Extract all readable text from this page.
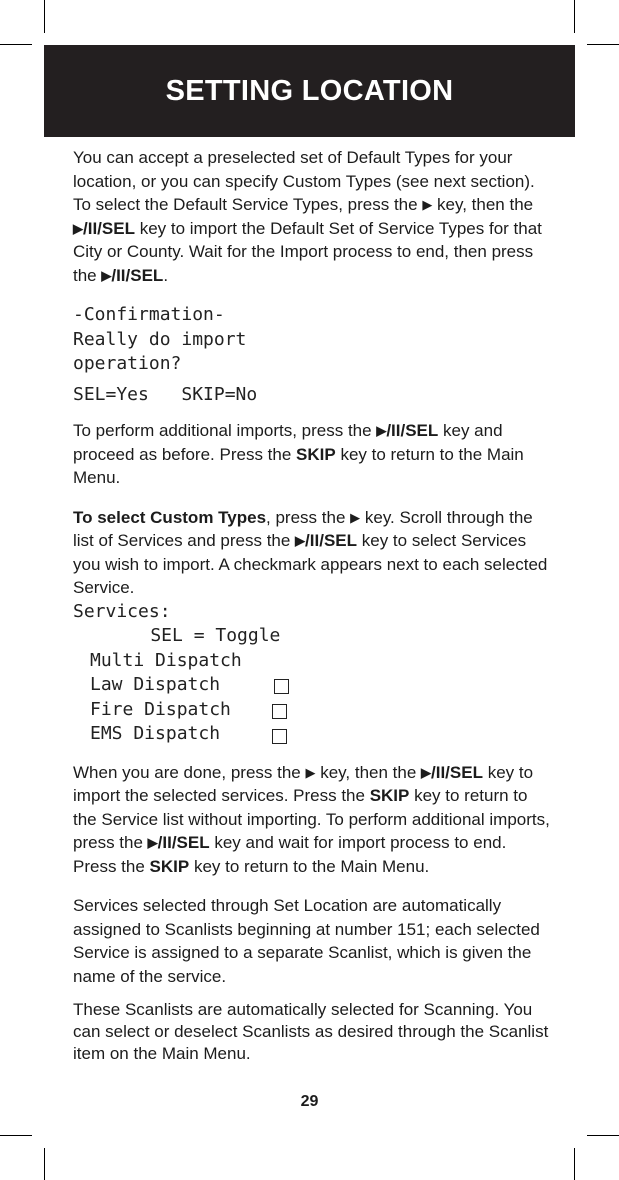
SETTING LOCATION

You can accept a preselected set of Default Types for your location, or you can specify Custom Types (see next section). To select the Default Service Types, press the ▶ key, then the ▶/II/SEL key to import the Default Set of Service Types for that City or County. Wait for the Import process to end, then press the ▶/II/SEL.

-Confirmation-
Really do import
operation?
SEL=Yes   SKIP=No

To perform additional imports, press the ▶/II/SEL key and proceed as before. Press the SKIP key to return to the Main Menu.

To select Custom Types, press the ▶ key. Scroll through the list of Services and press the ▶/II/SEL key to select Services you wish to import. A checkmark appears next to each selected Service.

Services:
SEL = Toggle
Multi Dispatch
Law Dispatch
Fire Dispatch
EMS Dispatch

When you are done, press the ▶ key, then the ▶/II/SEL key to import the selected services. Press the SKIP key to return to the Service list without importing. To perform additional imports, press the ▶/II/SEL key and wait for import process to end. Press the SKIP key to return to the Main Menu.

Services selected through Set Location are automatically assigned to Scanlists beginning at number 151; each selected Service is assigned to a separate Scanlist, which is given the name of the service.

These Scanlists are automatically selected for Scanning. You can select or deselect Scanlists as desired through the Scanlist item on the Main Menu.

29
